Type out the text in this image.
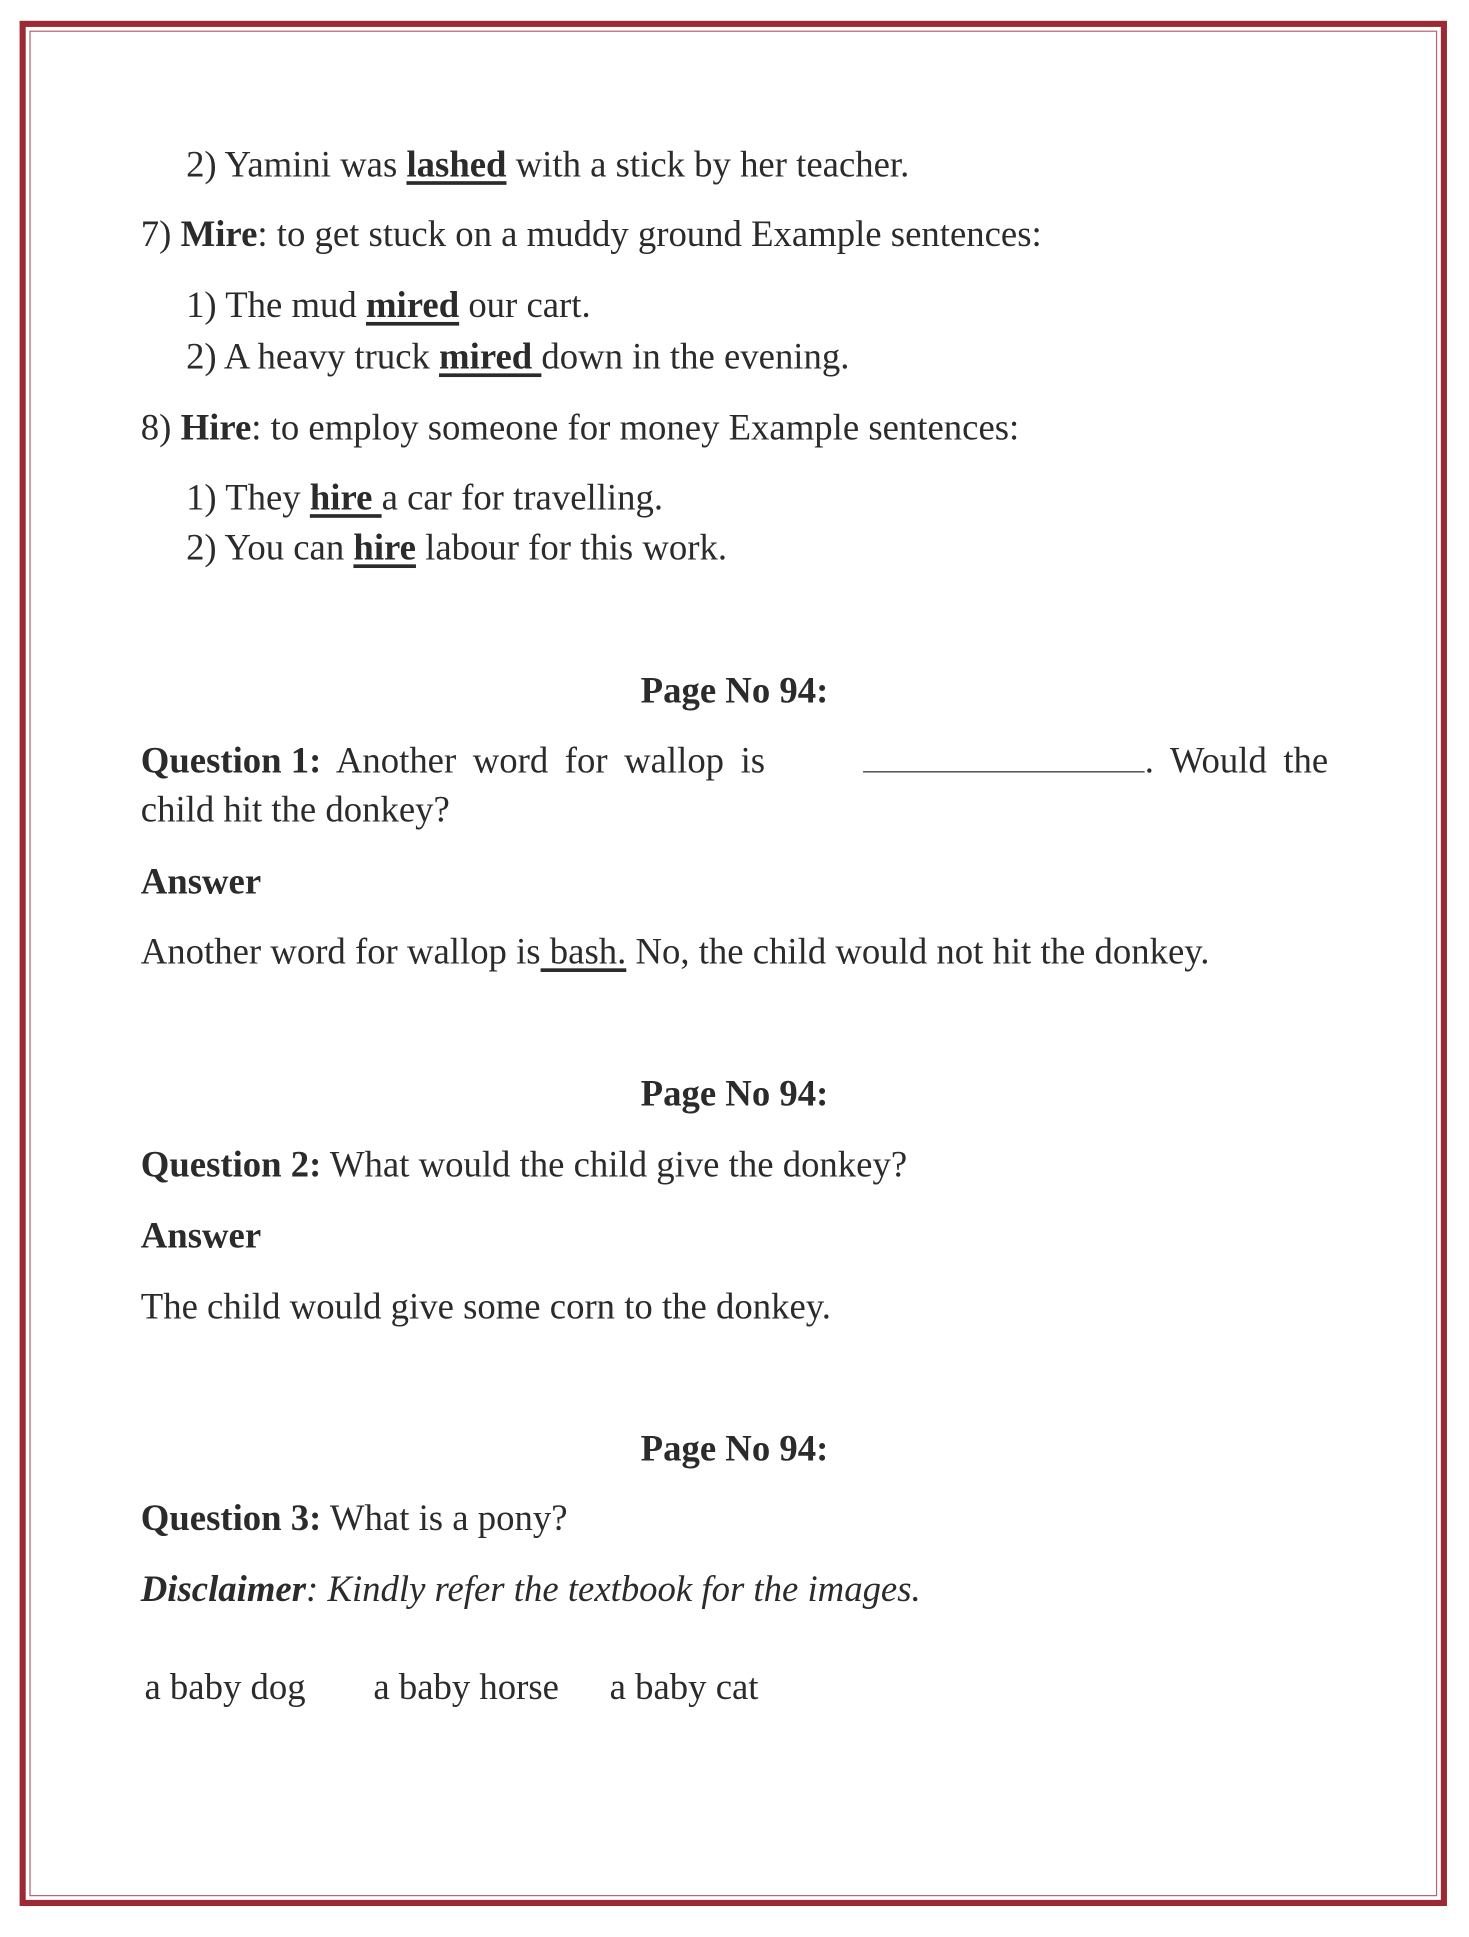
2) Yamini was lashed with a stick by her teacher.
7) Mire: to get stuck on a muddy ground Example sentences:
1) The mud mired our cart.
2) A heavy truck mired down in the evening.
8) Hire: to employ someone for money Example sentences:
1) They hire a car for travelling.
2) You can hire labour for this work.
Page No 94:
Question 1: Another word for wallop is	. Would the
child hit the donkey?
Answer
Another word for wallop is bash. No, the child would not hit the donkey.
Page No 94:
Question 2: What would the child give the donkey?
Answer
The child would give some corn to the donkey.
Page No 94:
Question 3: What is a pony?
Disclaimer: Kindly refer the textbook for the images.
a baby dog a baby horse a baby cat
